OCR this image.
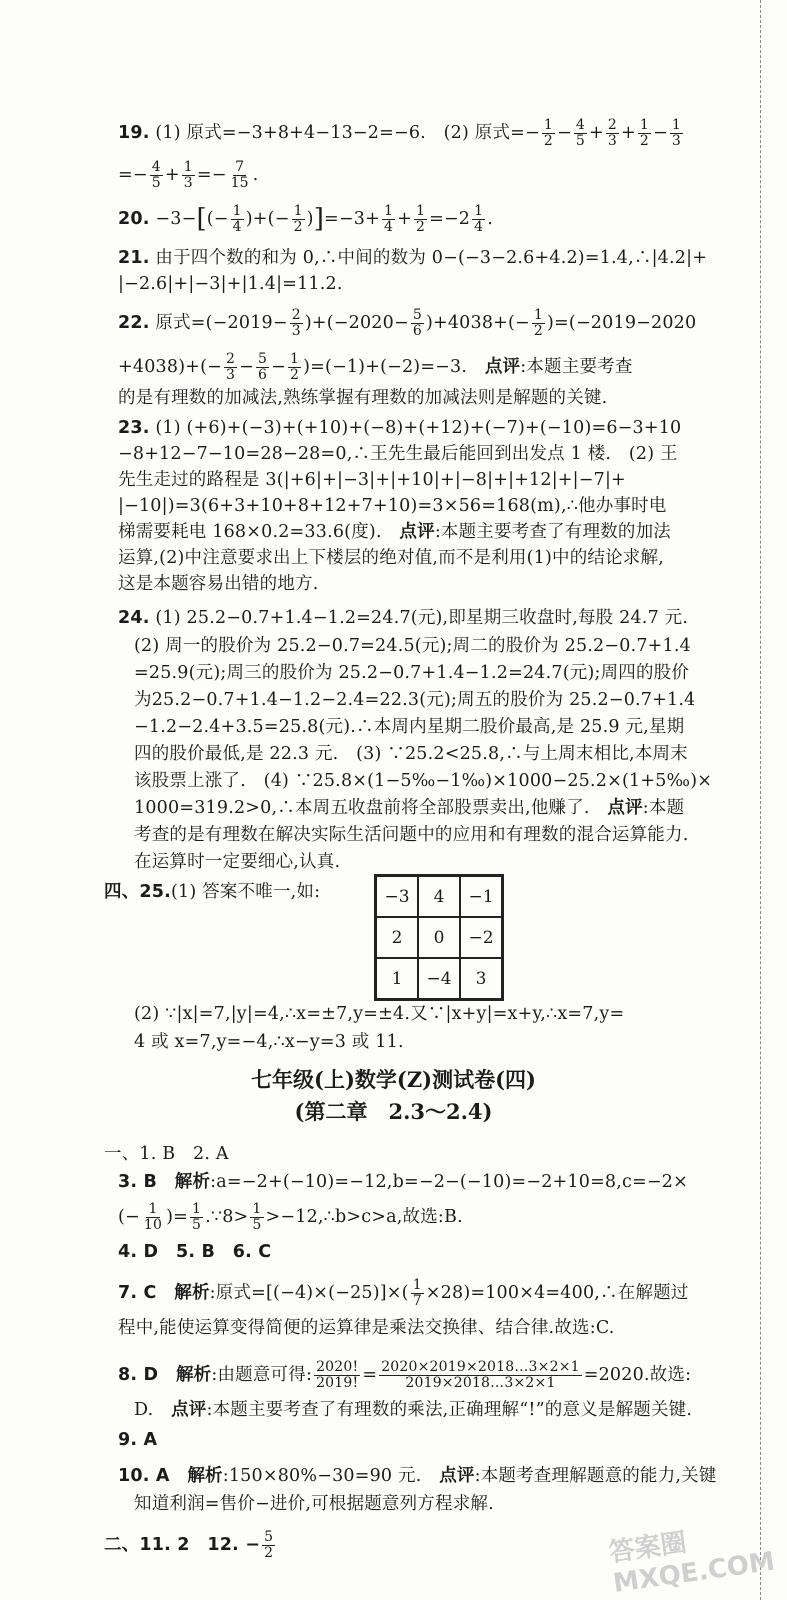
19. (1) 原式=−3+8+4−13−2=−6.　(2) 原式=− $\frac{1}{2} - \frac{4}{5} + \frac{2}{3} + \frac{1}{2} - \frac{1}{3}$
=− $\frac{4}{5} + \frac{1}{3} =- \frac{7}{15}$ .
20. $-3-[(- \frac{1}{4}$ )+(− $\frac{1}{2} )]=-3+ \frac{1}{4} + \frac{1}{2} =-2 \frac{1}{4}$ .
21. 由于四个数的和为 0,∴中间的数为 0−(−3−2.6+4.2)=1.4,∴|4.2|+
|−2.6|+|−3|+|1.4|=11.2.
22. 原式$=(-2019- \frac{2}{3} )+(-2020- \frac{5}{6} )+4038+(- \frac{1}{2} )=(-2019-2020$
$+4038)+(- \frac{2}{3} - \frac{5}{6} - \frac{1}{2} )=(-1)+(-2)=-3$.　点评:本题主要考查
的是有理数的加减法,熟练掌握有理数的加减法则是解题的关键.
23. (1) (+6)+(−3)+(+10)+(−8)+(+12)+(−7)+(−10)=6−3+10
−8+12−7−10=28−28=0,∴王先生最后能回到出发点 1 楼.　(2) 王
先生走过的路程是 3(|+6|+|−3|+|+10|+|−8|+|+12|+|−7|+
|−10|)=3(6+3+10+8+12+7+10)=3×56=168(m),∴他办事时电
梯需要耗电 168×0.2=33.6(度).　点评:本题主要考查了有理数的加法
运算,(2)中注意要求出上下楼层的绝对值,而不是利用(1)中的结论求解,
这是本题容易出错的地方.
24. (1) 25.2−0.7+1.4−1.2=24.7(元),即星期三收盘时,每股 24.7 元.
(2) 周一的股价为 25.2−0.7=24.5(元);周二的股价为 25.2−0.7+1.4
=25.9(元);周三的股价为 25.2−0.7+1.4−1.2=24.7(元);周四的股价
为25.2−0.7+1.4−1.2−2.4=22.3(元);周五的股价为 25.2−0.7+1.4
−1.2−2.4+3.5=25.8(元).∴本周内星期二股价最高,是 25.9 元,星期
四的股价最低,是 22.3 元.　(3) ∵25.2<25.8,∴与上周末相比,本周末
该股票上涨了.　(4) ∵25.8×(1−5‰−1‰)×1000−25.2×(1+5‰)×
1000=319.2>0,∴本周五收盘前将全部股票卖出,他赚了.　点评:本题
考查的是有理数在解决实际生活问题中的应用和有理数的混合运算能力.
在运算时一定要细心,认真.
四、25.(1) 答案不唯一,如:	−3	4	−1
2	0	−2
1	−4	3
(2) ∵|x|=7,|y|=4,∴x=±7,y=±4.又∵|x+y|=x+y,∴x=7,y=
4 或 x=7,y=−4,∴x−y=3 或 11.
七年级(上)数学(Z)测试卷(四)
(第二章　2.3～2.4)
一、1. B　2. A
3. B　解析:a=−2+(−10)=−12,b=−2−(−10)=−2+10=8,c=−2×
(− $\frac{1}{10}$ )= $\frac{1}{5}$ .∵8> $\frac{1}{5}$ >−12,∴b>c>a,故选:B.
4. D　5. B　6. C
7. C　解析:原式$=[(-4)\times(-25)]\times( \frac{1}{7}$ ×28)=100×4=400,∴在解题过
程中,能使运算变得简便的运算律是乘法交换律、结合律.故选:C.
8. D　解析:由题意可得: $\frac{2020!}{2019!} = \frac{2020\times 2019\times 2018\dots 3\times 2\times 1}{2019\times 2018\dots 3\times 2\times 1} =2020$.故选:
D.　点评:本题主要考查了有理数的乘法,正确理解“!”的意义是解题关键.
9. A
10. A　解析:150×80%−30=90 元.　点评:本题考查理解题意的能力,关键
知道利润=售价−进价,可根据题意列方程求解.
二、11. 2　12. − $\frac{5}{2}$	答案圈 MXQE.COM
